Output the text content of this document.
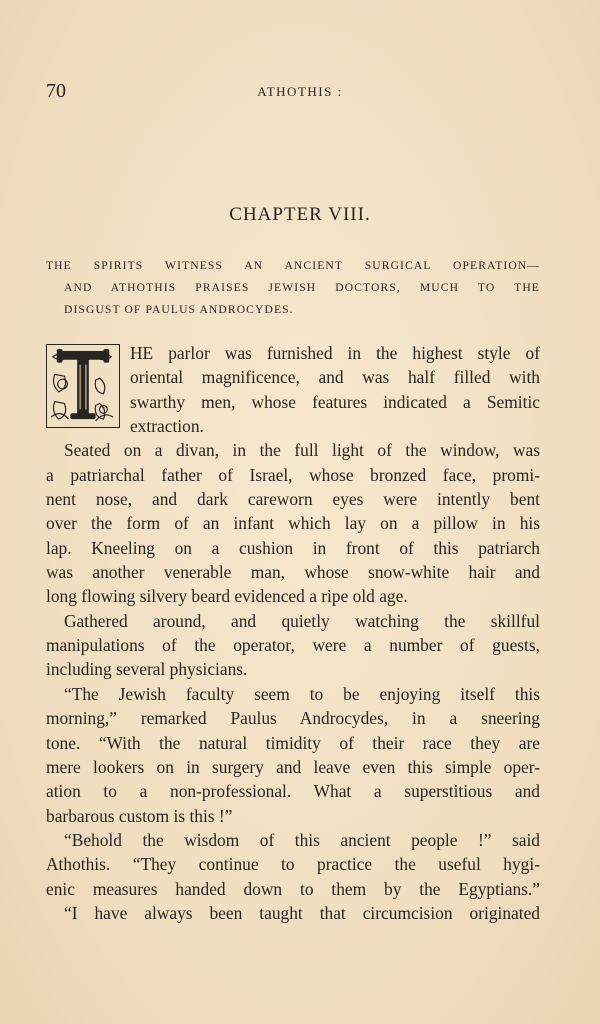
70	ATHOTHIS :
CHAPTER VIII.
THE SPIRITS WITNESS AN ANCIENT SURGICAL OPERATION—
AND ATHOTHIS PRAISES JEWISH DOCTORS, MUCH TO THE
DISGUST OF PAULUS ANDROCYDES.
HE parlor was furnished in the highest style of
oriental magnificence, and was half filled with
swarthy men, whose features indicated a Semitic
extraction.
Seated on a divan, in the full light of the window, was
a patriarchal father of Israel, whose bronzed face, promi-
nent nose, and dark careworn eyes were intently bent
over the form of an infant which lay on a pillow in his
lap. Kneeling on a cushion in front of this patriarch
was another venerable man, whose snow-white hair and
long flowing silvery beard evidenced a ripe old age.
Gathered around, and quietly watching the skillful
manipulations of the operator, were a number of guests,
including several physicians.
“The Jewish faculty seem to be enjoying itself this
morning,” remarked Paulus Androcydes, in a sneering
tone. “With the natural timidity of their race they are
mere lookers on in surgery and leave even this simple oper-
ation to a non-professional. What a superstitious and
barbarous custom is this !”
“Behold the wisdom of this ancient people !” said
Athothis. “They continue to practice the useful hygi-
enic measures handed down to them by the Egyptians.”
“I have always been taught that circumcision originated
